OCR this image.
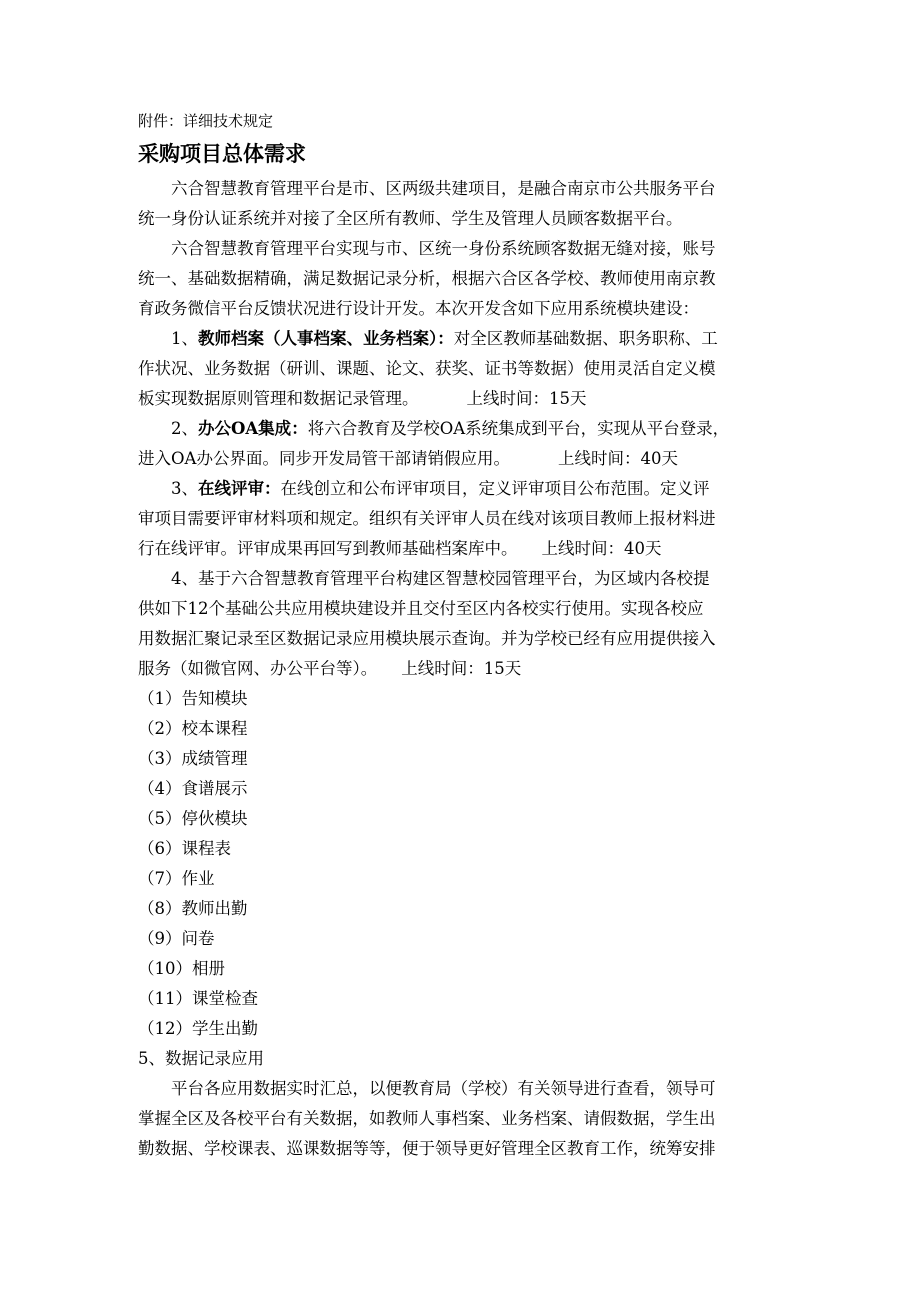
附件：详细技术规定
采购项目总体需求
六合智慧教育管理平台是市、区两级共建项目，是融合南京市公共服务平台
统一身份认证系统并对接了全区所有教师、学生及管理人员顾客数据平台。
六合智慧教育管理平台实现与市、区统一身份系统顾客数据无缝对接，账号
统一、基础数据精确，满足数据记录分析，根据六合区各学校、教师使用南京教
育政务微信平台反馈状况进行设计开发。本次开发含如下应用系统模块建设：
1、教师档案（人事档案、业务档案）：对全区教师基础数据、职务职称、工
作状况、业务数据（研训、课题、论文、获奖、证书等数据）使用灵活自定义模
板实现数据原则管理和数据记录管理。	上线时间：15天
2、办公OA集成：将六合教育及学校OA系统集成到平台，实现从平台登录，
进入OA办公界面。同步开发局管干部请销假应用。	上线时间：40天
3、在线评审：在线创立和公布评审项目，定义评审项目公布范围。定义评
审项目需要评审材料项和规定。组织有关评审人员在线对该项目教师上报材料进
行在线评审。评审成果再回写到教师基础档案库中。 上线时间：40天
4、基于六合智慧教育管理平台构建区智慧校园管理平台，为区域内各校提
供如下12个基础公共应用模块建设并且交付至区内各校实行使用。实现各校应
用数据汇聚记录至区数据记录应用模块展示查询。并为学校已经有应用提供接入
服务（如微官网、办公平台等）。 上线时间：15天
（1）告知模块
（2）校本课程
（3）成绩管理
（4）食谱展示
（5）停伙模块
（6）课程表
（7）作业
（8）教师出勤
（9）问卷
（10）相册
（11）课堂检查
（12）学生出勤
5、数据记录应用
平台各应用数据实时汇总，以便教育局（学校）有关领导进行查看，领导可
掌握全区及各校平台有关数据，如教师人事档案、业务档案、请假数据，学生出
勤数据、学校课表、巡课数据等等，便于领导更好管理全区教育工作，统筹安排
